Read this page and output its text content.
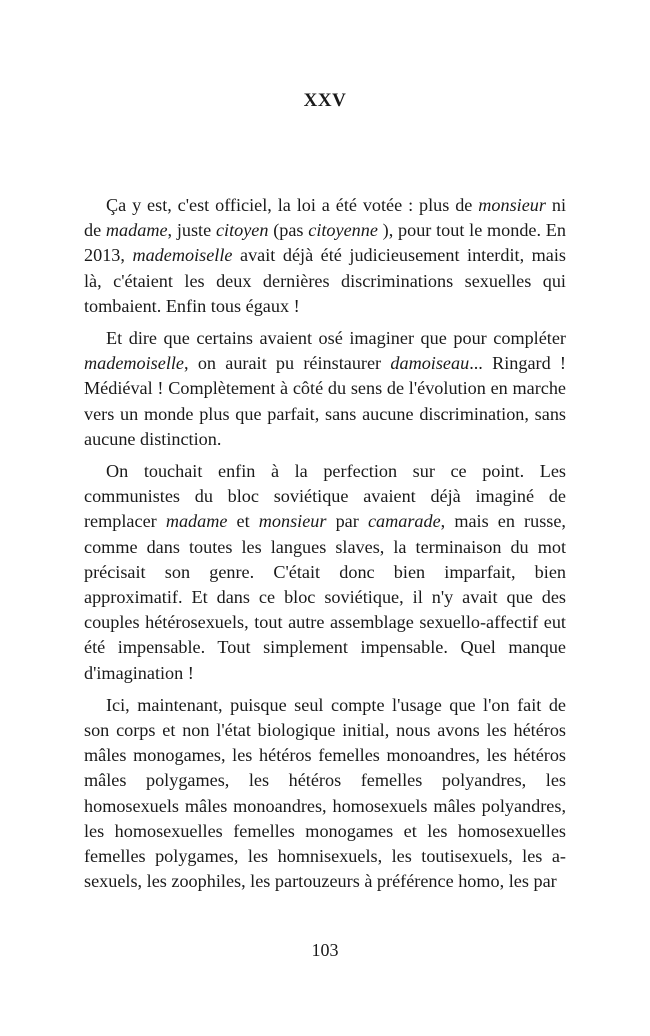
XXV

Ça y est, c'est officiel, la loi a été votée : plus de monsieur ni de madame, juste citoyen (pas citoyenne ), pour tout le monde. En 2013, mademoiselle avait déjà été judicieusement interdit, mais là, c'étaient les deux dernières discriminations sexuelles qui tombaient. Enfin tous égaux !

Et dire que certains avaient osé imaginer que pour compléter mademoiselle, on aurait pu réinstaurer damoiseau... Ringard ! Médiéval ! Complètement à côté du sens de l'évolution en marche vers un monde plus que parfait, sans aucune discrimination, sans aucune distinction.

On touchait enfin à la perfection sur ce point. Les communistes du bloc soviétique avaient déjà imaginé de remplacer madame et monsieur par camarade, mais en russe, comme dans toutes les langues slaves, la terminaison du mot précisait son genre. C'était donc bien imparfait, bien approximatif. Et dans ce bloc soviétique, il n'y avait que des couples hétérosexuels, tout autre assemblage sexuello-affectif eut été impensable. Tout simplement impensable. Quel manque d'imagination !

Ici, maintenant, puisque seul compte l'usage que l'on fait de son corps et non l'état biologique initial, nous avons les hétéros mâles monogames, les hétéros femelles monoandres, les hétéros mâles polygames, les hétéros femelles polyandres, les homosexuels mâles monoandres, homosexuels mâles polyandres, les homosexuelles femelles monogames et les homosexuelles femelles polygames, les homnisexuels, les toutisexuels, les a-sexuels, les zoophiles, les partouzeurs à préférence homo, les par

103
